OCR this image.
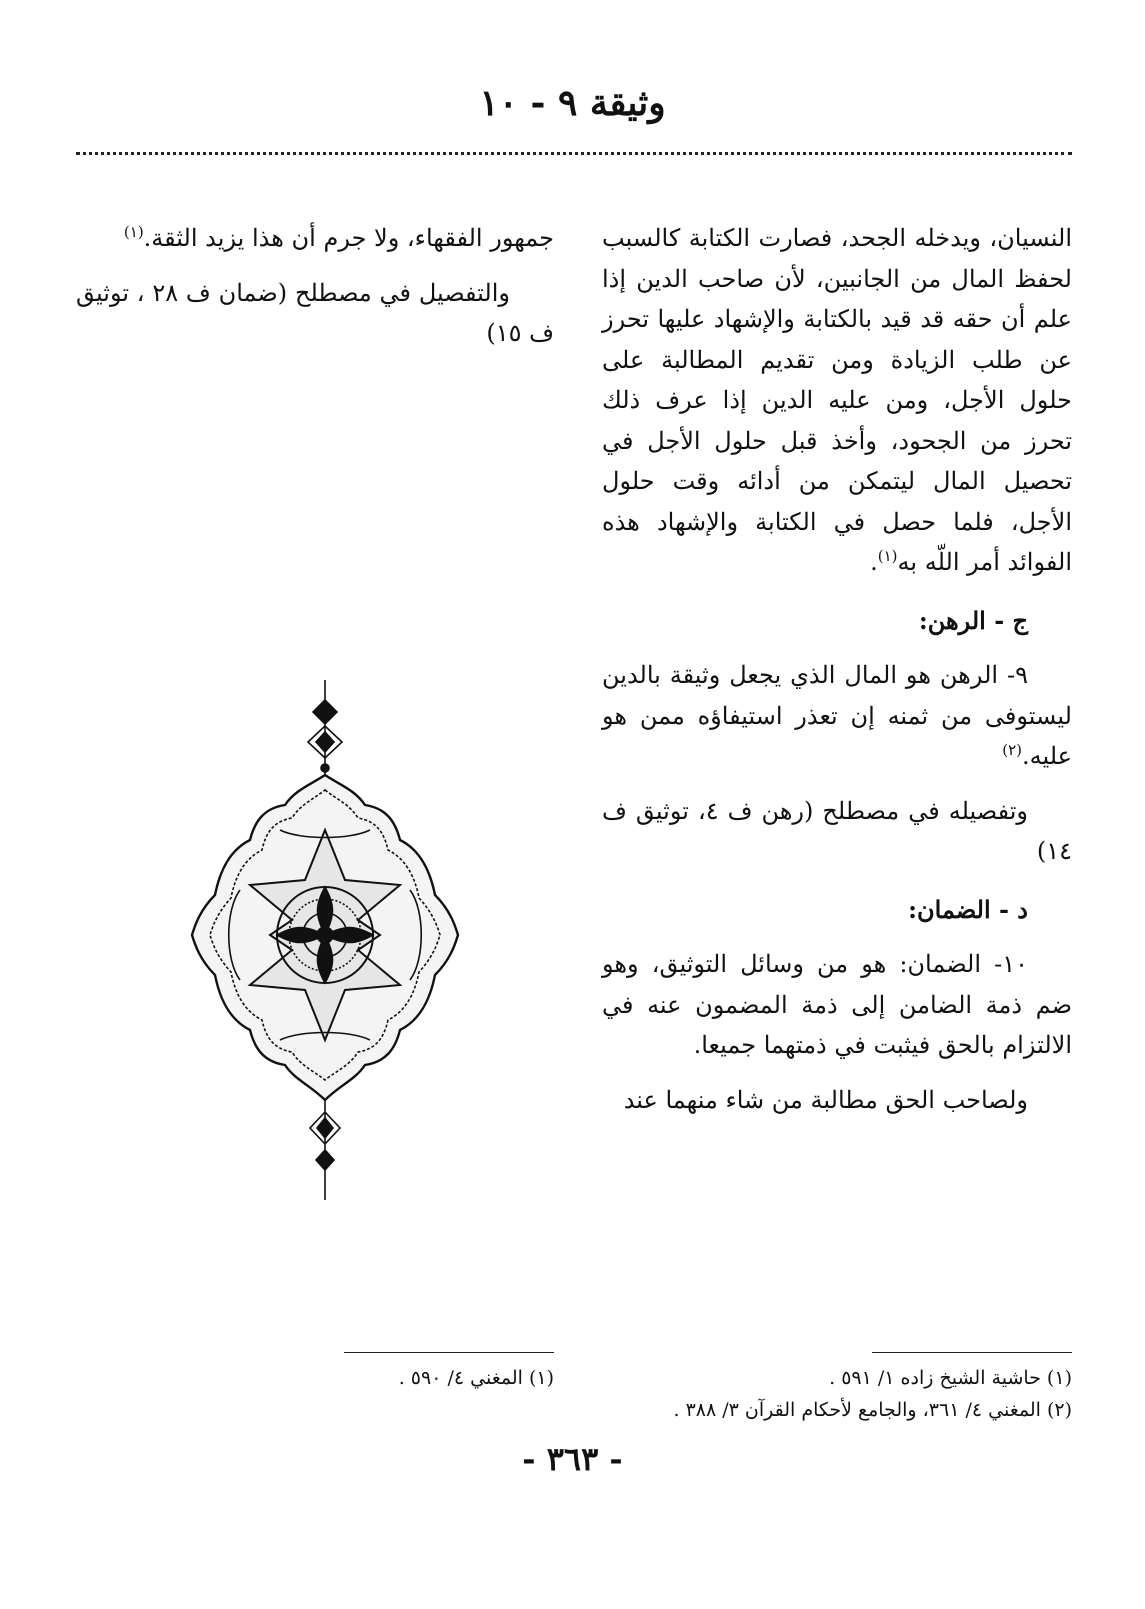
وثيقة ٩ - ١٠

النسيان، ويدخله الجحد، فصارت الكتابة كالسبب لحفظ المال من الجانبين، لأن صاحب الدين إذا علم أن حقه قد قيد بالكتابة والإشهاد عليها تحرز عن طلب الزيادة ومن تقديم المطالبة على حلول الأجل، ومن عليه الدين إذا عرف ذلك تحرز من الجحود، وأخذ قبل حلول الأجل في تحصيل المال ليتمكن من أدائه وقت حلول الأجل، فلما حصل في الكتابة والإشهاد هذه الفوائد أمر اللّه به$^{(١)}$.

ج - الرهن:

٩- الرهن هو المال الذي يجعل وثيقة بالدين ليستوفى من ثمنه إن تعذر استيفاؤه ممن هو عليه.$^{(٢)}$

وتفصيله في مصطلح (رهن ف ٤، توثيق ف ١٤)

د - الضمان:

١٠- الضمان: هو من وسائل التوثيق، وهو ضم ذمة الضامن إلى ذمة المضمون عنه في الالتزام بالحق فيثبت في ذمتهما جميعا.

ولصاحب الحق مطالبة من شاء منهما عند

جمهور الفقهاء، ولا جرم أن هذا يزيد الثقة.$^{(١)}$

والتفصيل في مصطلح (ضمان ف ٢٨ ، توثيق ف ١٥)

(١) حاشية الشيخ زاده ١/ ٥٩١ .

(٢) المغني ٤/ ٣٦١، والجامع لأحكام القرآن ٣/ ٣٨٨ .

(١) المغني ٤/ ٥٩٠ .

- ٣٦٣ -
